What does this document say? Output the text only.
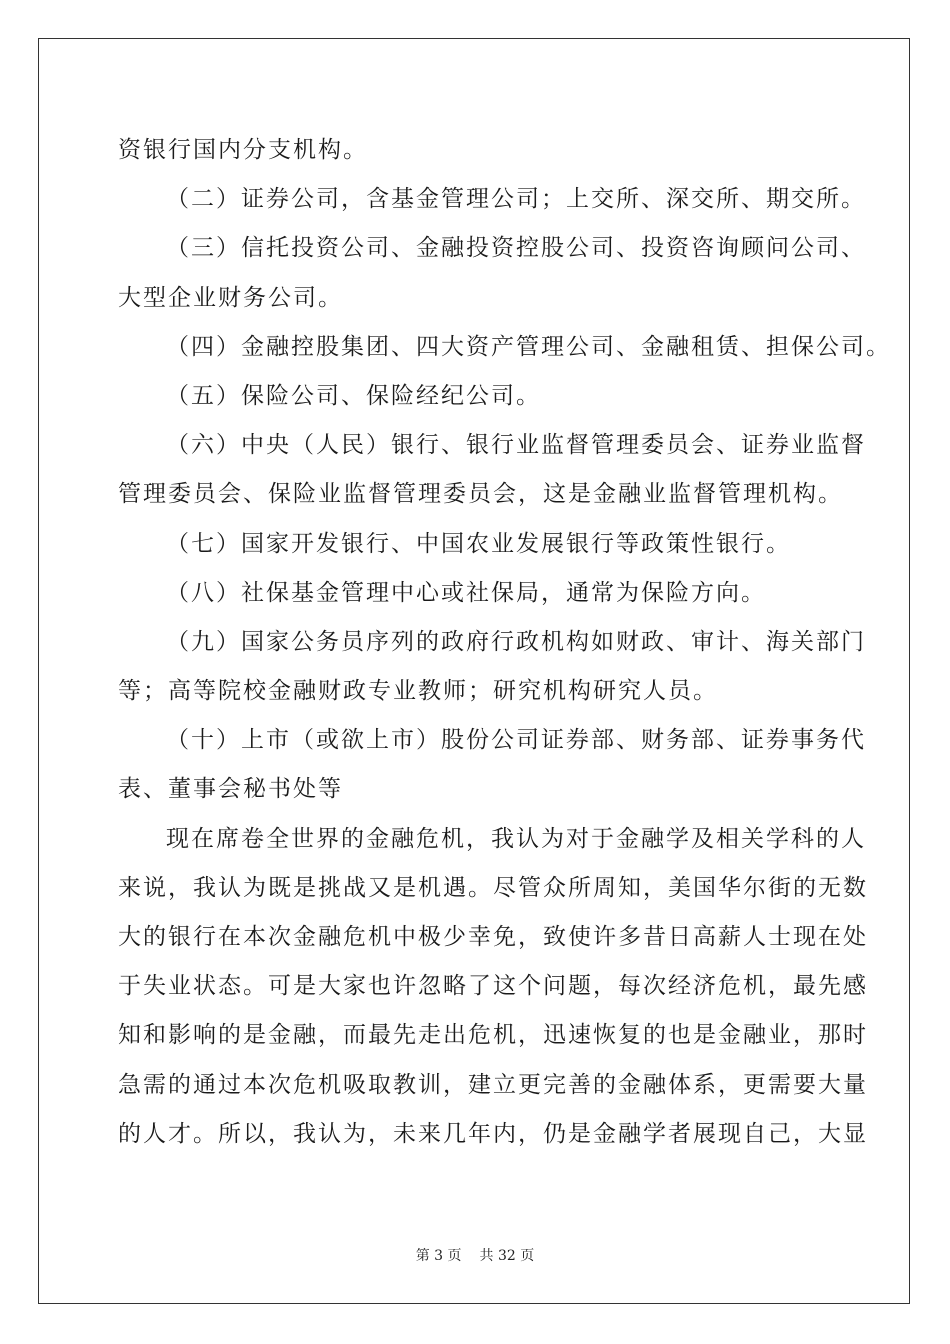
资银行国内分支机构。
（二）证券公司，含基金管理公司；上交所、深交所、期交所。
（三）信托投资公司、金融投资控股公司、投资咨询顾问公司、
大型企业财务公司。
（四）金融控股集团、四大资产管理公司、金融租赁、担保公司。
（五）保险公司、保险经纪公司。
（六）中央（人民）银行、银行业监督管理委员会、证券业监督
管理委员会、保险业监督管理委员会，这是金融业监督管理机构。
（七）国家开发银行、中国农业发展银行等政策性银行。
（八）社保基金管理中心或社保局，通常为保险方向。
（九）国家公务员序列的政府行政机构如财政、审计、海关部门
等；高等院校金融财政专业教师；研究机构研究人员。
（十）上市（或欲上市）股份公司证券部、财务部、证券事务代
表、董事会秘书处等
现在席卷全世界的金融危机，我认为对于金融学及相关学科的人
来说，我认为既是挑战又是机遇。尽管众所周知，美国华尔街的无数
大的银行在本次金融危机中极少幸免，致使许多昔日高薪人士现在处
于失业状态。可是大家也许忽略了这个问题，每次经济危机，最先感
知和影响的是金融，而最先走出危机，迅速恢复的也是金融业，那时
急需的通过本次危机吸取教训，建立更完善的金融体系，更需要大量
的人才。所以，我认为，未来几年内，仍是金融学者展现自己，大显
第 3 页 共 32 页
